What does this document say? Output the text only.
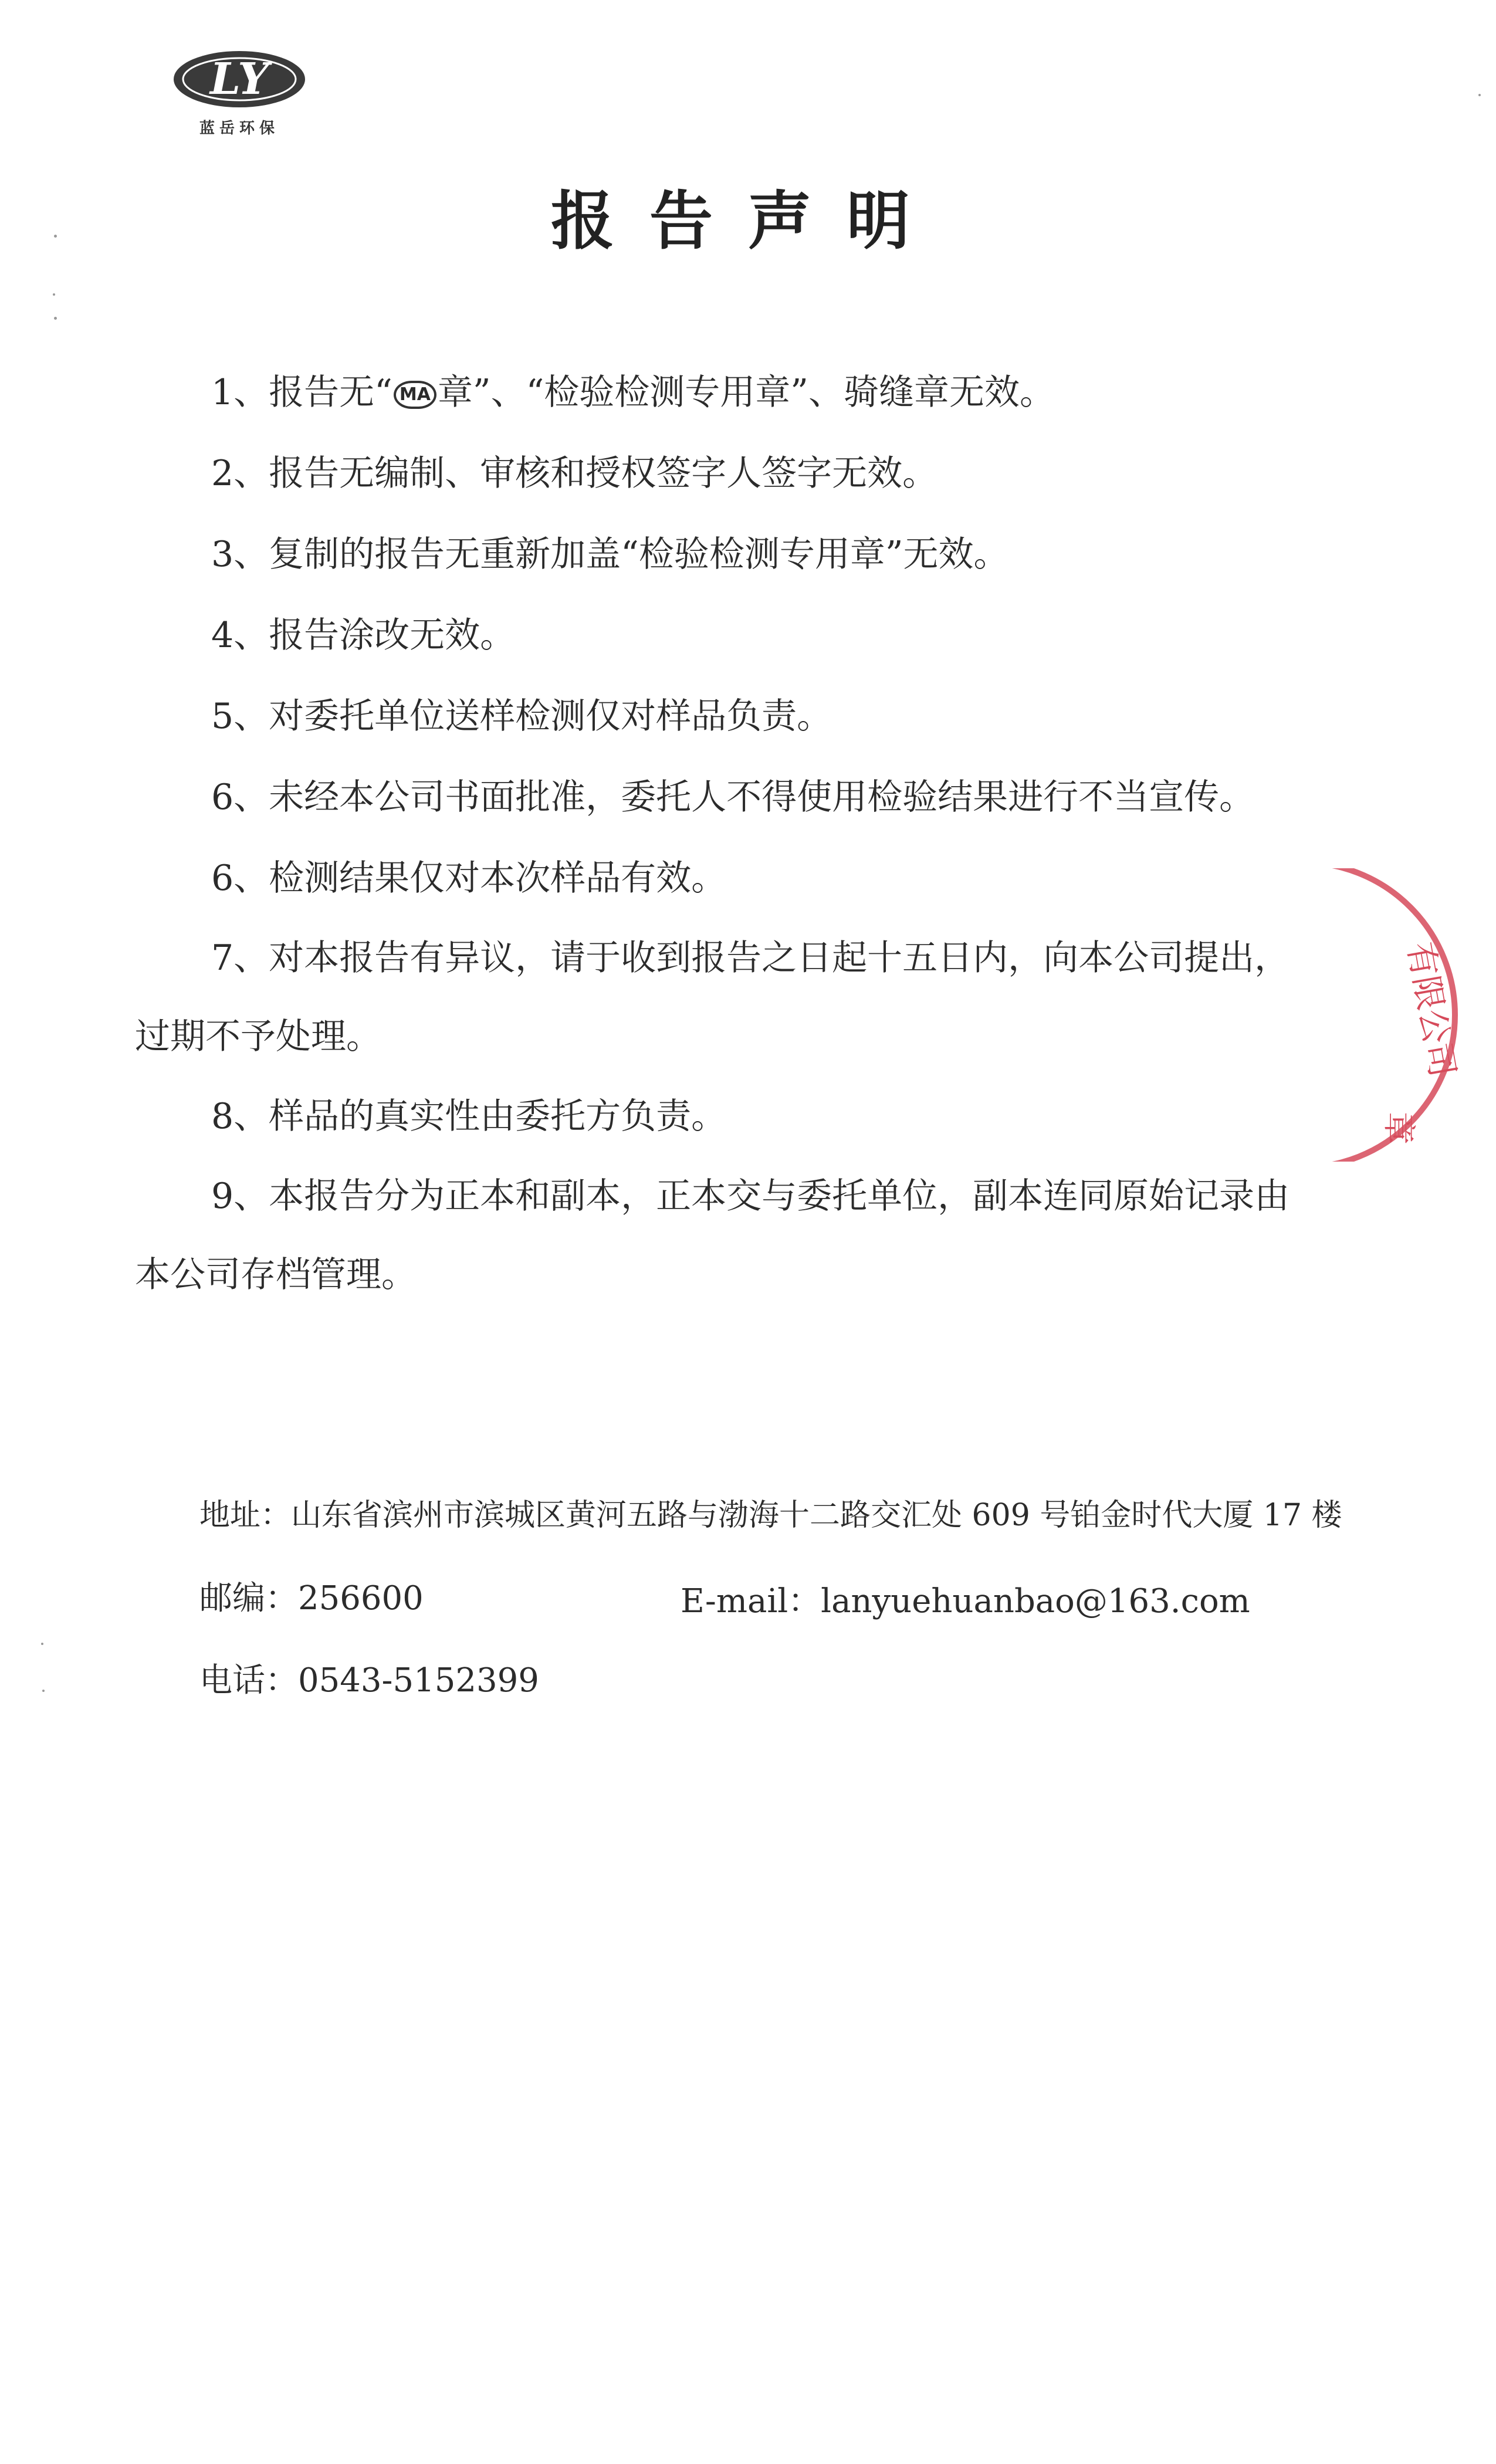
LY
蓝岳环保
报告声明

1、报告无“ MA 章”、“检验检测专用章”、骑缝章无效。

2、报告无编制、审核和授权签字人签字无效。

3、复制的报告无重新加盖“检验检测专用章”无效。

4、报告涂改无效。

5、对委托单位送样检测仅对样品负责。

6、未经本公司书面批准，委托人不得使用检验结果进行不当宣传。

6、检测结果仅对本次样品有效。

7、对本报告有异议，请于收到报告之日起十五日内，向本公司提出，过期不予处理。

8、样品的真实性由委托方负责。

9、本报告分为正本和副本，正本交与委托单位，副本连同原始记录由本公司存档管理。

有限公司
章
地址：山东省滨州市滨城区黄河五路与渤海十二路交汇处 609 号铂金时代大厦 17 楼
邮编：256600	E-mail：lanyuehuanbao@163.com
电话：0543-5152399
